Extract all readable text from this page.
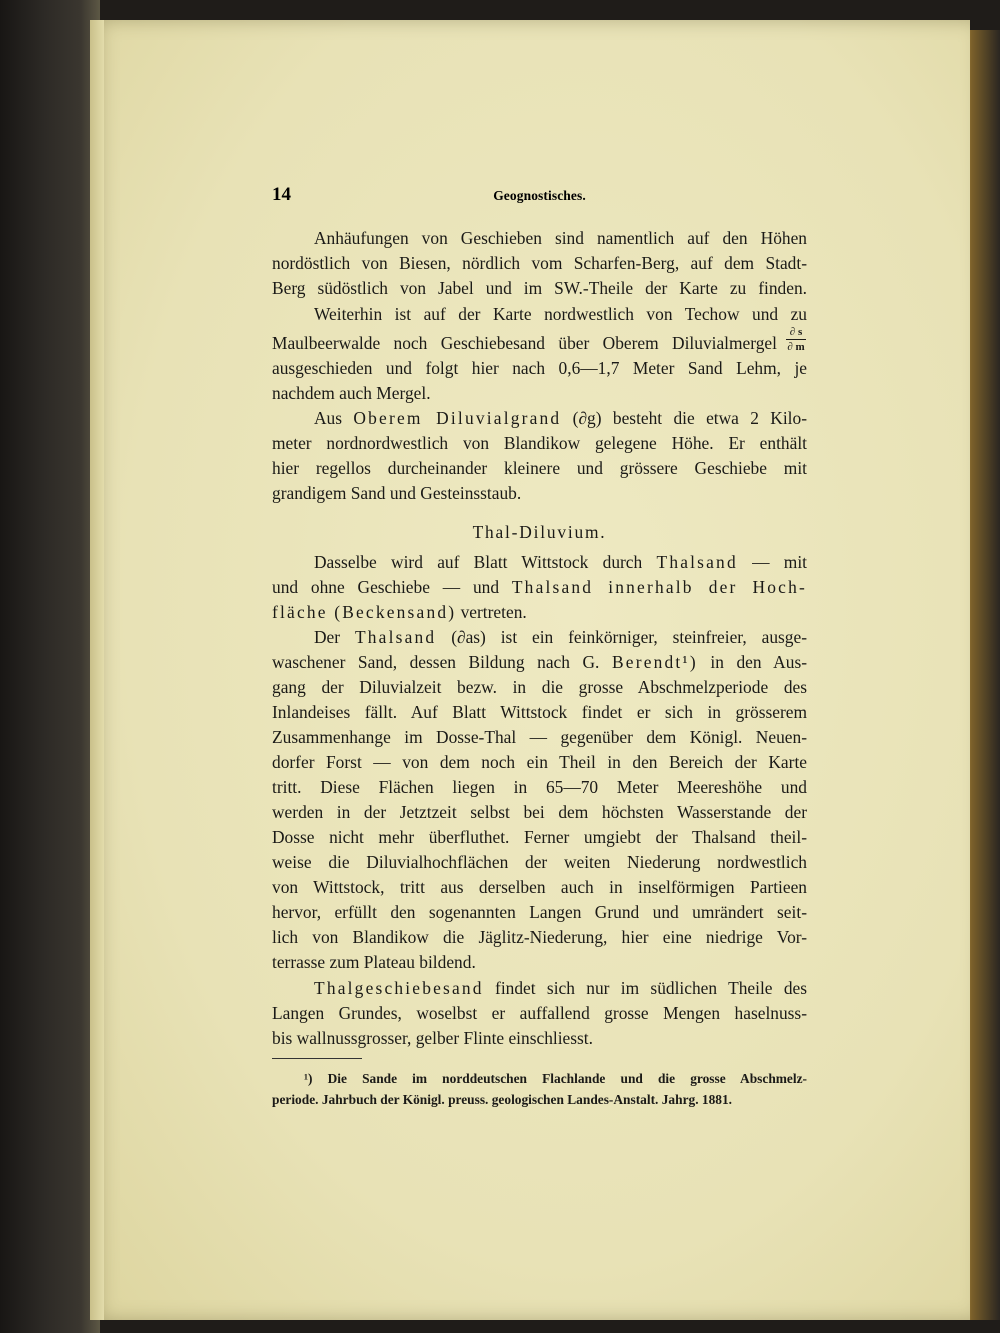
14	Geognostisches.
Anhäufungen von Geschieben sind namentlich auf den Höhen
nordöstlich von Biesen, nördlich vom Scharfen-Berg, auf dem Stadt-
Berg südöstlich von Jabel und im SW.-Theile der Karte zu finden.
Weiterhin ist auf der Karte nordwestlich von Techow und zu
Maulbeerwalde noch Geschiebesand über Oberem Diluvialmergel
∂ s
∂ m
ausgeschieden und folgt hier nach 0,6—1,7 Meter Sand Lehm, je
nachdem auch Mergel.
Aus Oberem Diluvialgrand (∂g) besteht die etwa 2 Kilo-
meter nordnordwestlich von Blandikow gelegene Höhe. Er enthält
hier regellos durcheinander kleinere und grössere Geschiebe mit
grandigem Sand und Gesteinsstaub.
Thal-Diluvium.
Dasselbe wird auf Blatt Wittstock durch Thalsand — mit
und ohne Geschiebe — und Thalsand innerhalb der Hoch-
fläche (Beckensand) vertreten.
Der Thalsand (∂as) ist ein feinkörniger, steinfreier, ausge-
waschener Sand, dessen Bildung nach G. Berendt¹) in den Aus-
gang der Diluvialzeit bezw. in die grosse Abschmelzperiode des
Inlandeises fällt. Auf Blatt Wittstock findet er sich in grösserem
Zusammenhange im Dosse-Thal — gegenüber dem Königl. Neuen-
dorfer Forst — von dem noch ein Theil in den Bereich der Karte
tritt. Diese Flächen liegen in 65—70 Meter Meereshöhe und
werden in der Jetztzeit selbst bei dem höchsten Wasserstande der
Dosse nicht mehr überfluthet. Ferner umgiebt der Thalsand theil-
weise die Diluvialhochflächen der weiten Niederung nordwestlich
von Wittstock, tritt aus derselben auch in inselförmigen Partieen
hervor, erfüllt den sogenannten Langen Grund und umrändert seit-
lich von Blandikow die Jäglitz-Niederung, hier eine niedrige Vor-
terrasse zum Plateau bildend.
Thalgeschiebesand findet sich nur im südlichen Theile des
Langen Grundes, woselbst er auffallend grosse Mengen haselnuss-
bis wallnussgrosser, gelber Flinte einschliesst.
¹) Die Sande im norddeutschen Flachlande und die grosse Abschmelz-
periode. Jahrbuch der Königl. preuss. geologischen Landes-Anstalt. Jahrg. 1881.
